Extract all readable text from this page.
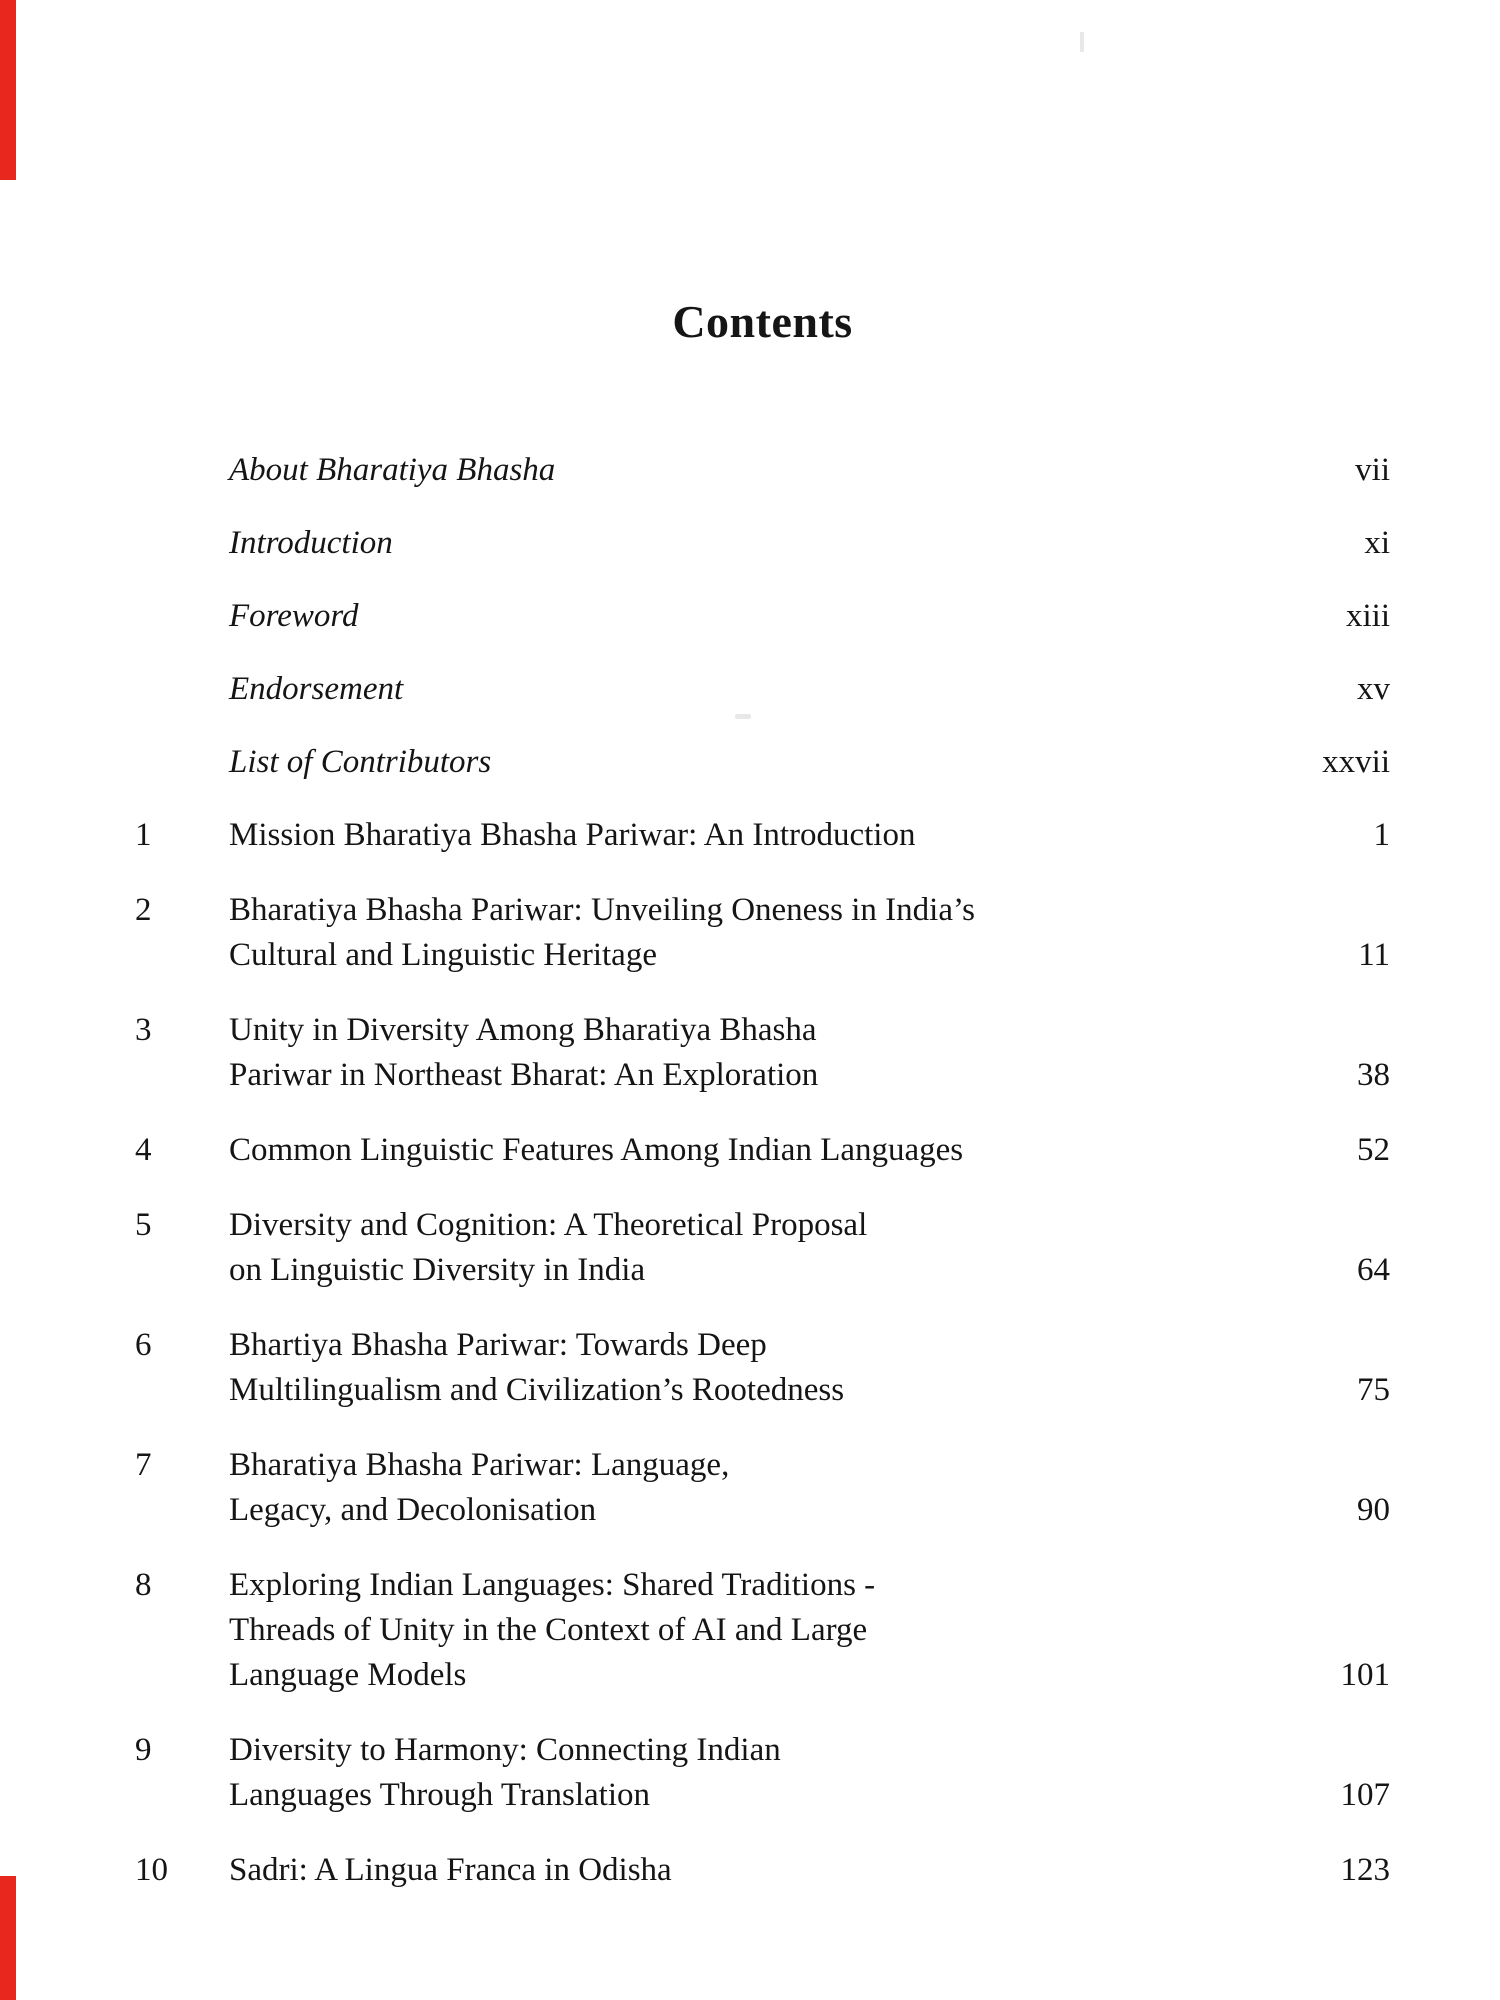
Contents
About Bharatiya Bhasha	vii
Introduction	xi
Foreword	xiii
Endorsement	xv
List of Contributors	xxvii
1	Mission Bharatiya Bhasha Pariwar: An Introduction	1
2	Bharatiya Bhasha Pariwar: Unveiling Oneness in India’s
Cultural and Linguistic Heritage	11
3	Unity in Diversity Among Bharatiya Bhasha
Pariwar in Northeast Bharat: An Exploration	38
4	Common Linguistic Features Among Indian Languages	52
5	Diversity and Cognition: A Theoretical Proposal
on Linguistic Diversity in India	64
6	Bhartiya Bhasha Pariwar: Towards Deep
Multilingualism and Civilization’s Rootedness	75
7	Bharatiya Bhasha Pariwar: Language,
Legacy, and Decolonisation	90
8	Exploring Indian Languages: Shared Traditions -
Threads of Unity in the Context of AI and Large
Language Models	101
9	Diversity to Harmony: Connecting Indian
Languages Through Translation	107
10	Sadri: A Lingua Franca in Odisha	123
